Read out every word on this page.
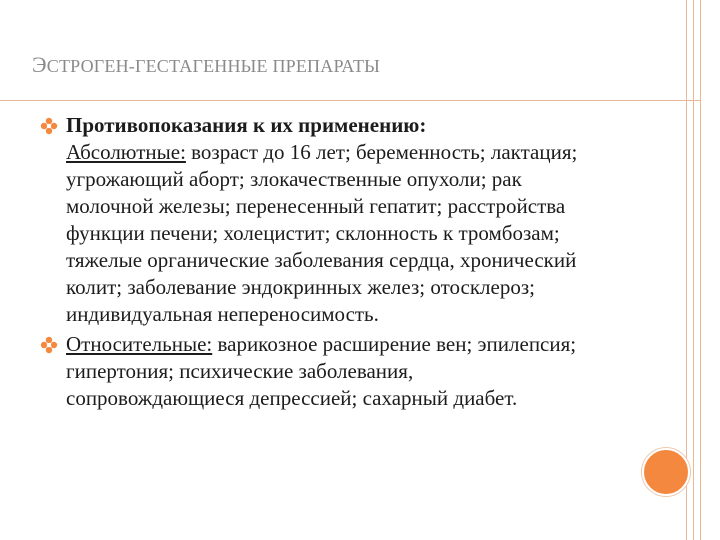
ЭСТРОГЕН-ГЕСТАГЕННЫЕ ПРЕПАРАТЫ
Противопоказания к их применению:
Абсолютные: возраст до 16 лет; беременность; лактация;
угрожающий аборт; злокачественные опухоли; рак
молочной железы; перенесенный гепатит; расстройства
функции печени; холецистит; склонность к тромбозам;
тяжелые органические заболевания сердца, хронический
колит; заболевание эндокринных желез; отосклероз;
индивидуальная непереносимость.
Относительные: варикозное расширение вен; эпилепсия;
гипертония; психические заболевания,
сопровождающиеся депрессией; сахарный диабет.
